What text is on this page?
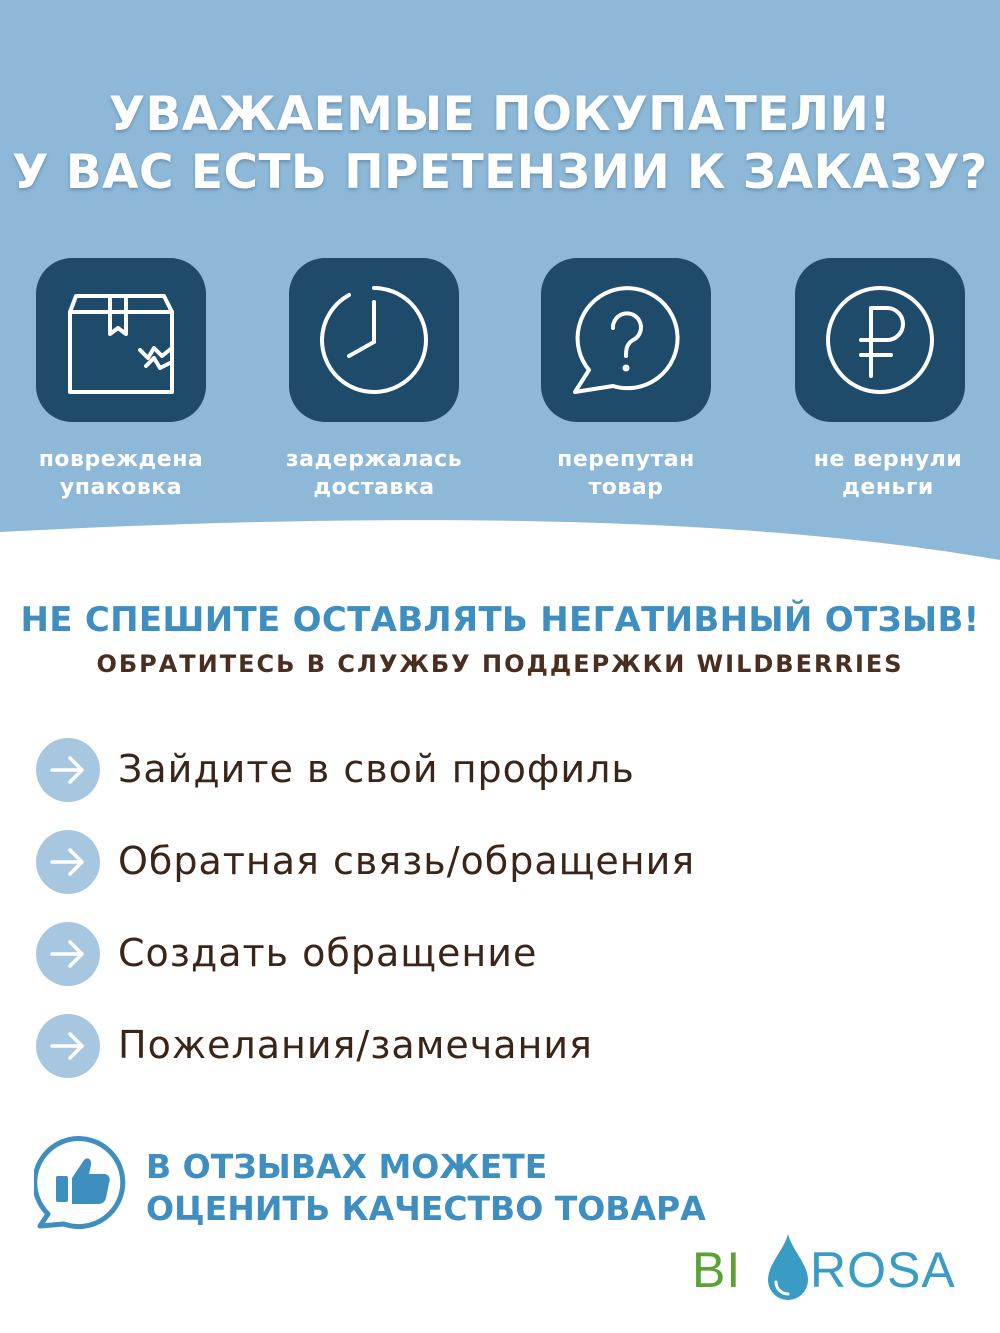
УВАЖАЕМЫЕ ПОКУПАТЕЛИ!
У ВАС ЕСТЬ ПРЕТЕНЗИИ К ЗАКАЗУ?
повреждена
упаковка
задержалась
доставка
перепутан
товар
не вернули
деньги
НЕ СПЕШИТЕ ОСТАВЛЯТЬ НЕГАТИВНЫЙ ОТЗЫВ!
ОБРАТИТЕСЬ В СЛУЖБУ ПОДДЕРЖКИ WILDBERRIES
Зайдите в свой профиль
Обратная связь/обращения
Создать обращение
Пожелания/замечания
В ОТЗЫВАХ МОЖЕТЕ
ОЦЕНИТЬ КАЧЕСТВО ТОВАРА
BI ROSA
